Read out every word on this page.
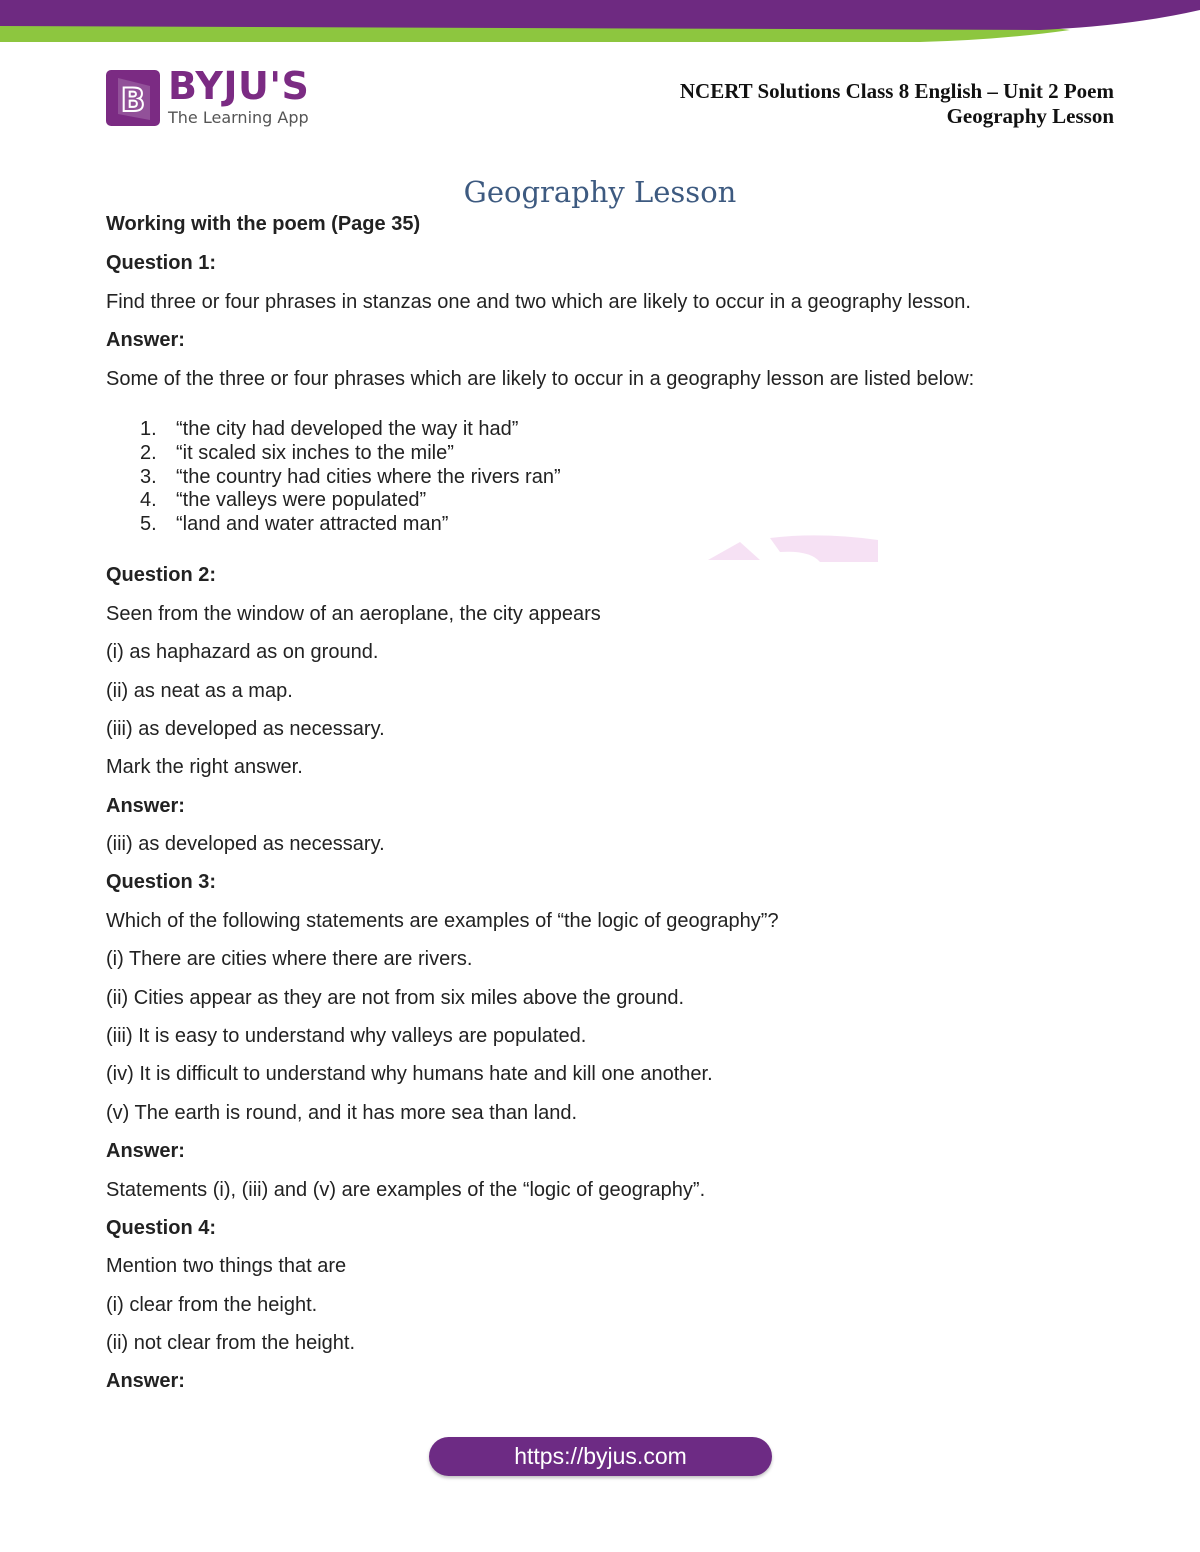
B BYJU'S
The Learning App
NCERT Solutions Class 8 English – Unit 2 Poem
Geography Lesson
Geography Lesson

Working with the poem (Page 35)

Question 1:

Find three or four phrases in stanzas one and two which are likely to occur in a geography lesson.

Answer:

Some of the three or four phrases which are likely to occur in a geography lesson are listed below:

1. “the city had developed the way it had”
2. “it scaled six inches to the mile”
3. “the country had cities where the rivers ran”
4. “the valleys were populated”
5. “land and water attracted man”

Question 2:

Seen from the window of an aeroplane, the city appears

(i) as haphazard as on ground.

(ii) as neat as a map.

(iii) as developed as necessary.

Mark the right answer.

Answer:

(iii) as developed as necessary.

Question 3:

Which of the following statements are examples of “the logic of geography”?

(i) There are cities where there are rivers.

(ii) Cities appear as they are not from six miles above the ground.

(iii) It is easy to understand why valleys are populated.

(iv) It is difficult to understand why humans hate and kill one another.

(v) The earth is round, and it has more sea than land.

Answer:

Statements (i), (iii) and (v) are examples of the “logic of geography”.

Question 4:

Mention two things that are

(i) clear from the height.

(ii) not clear from the height.

Answer:

https://byjus.com
